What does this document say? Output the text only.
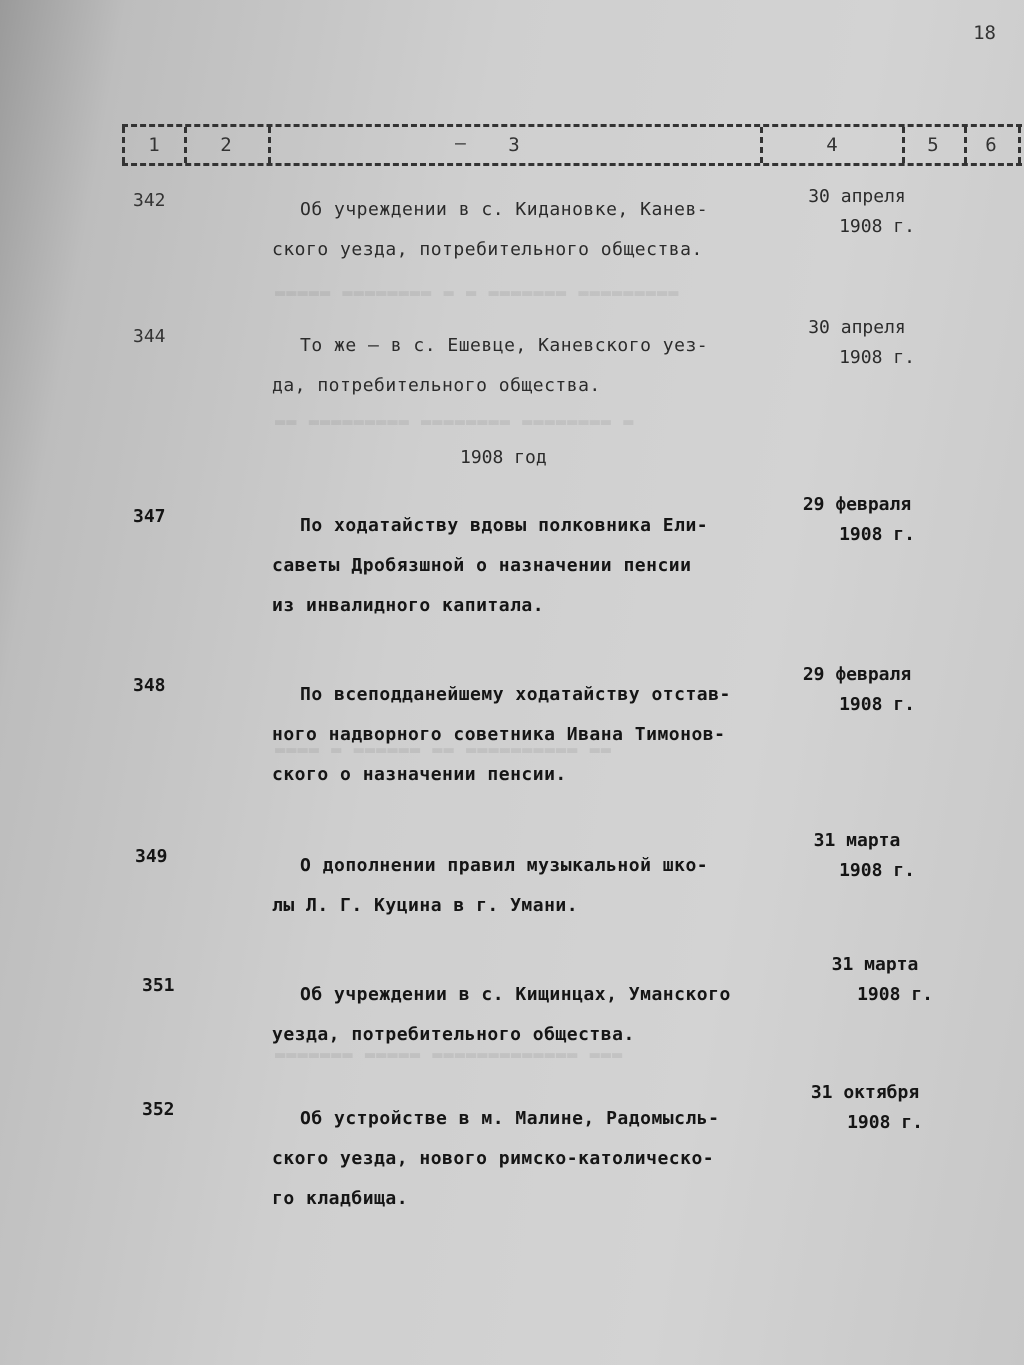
▬▬▬▬▬ ▬▬▬▬▬▬▬▬ ▬ ▬ ▬▬▬▬▬▬▬ ▬▬▬▬▬▬▬▬▬
▬▬ ▬▬▬▬▬▬▬▬▬ ▬▬▬▬▬▬▬▬ ▬▬▬▬▬▬▬▬ ▬
▬▬▬▬ ▬ ▬▬▬▬▬▬ ▬▬ ▬▬▬▬▬▬▬▬▬▬ ▬▬
▬▬▬▬▬▬▬ ▬▬▬▬▬ ▬▬▬▬▬▬▬▬▬▬▬▬▬ ▬▬▬
18
1	2	3	4	5	6
–
342	Об учреждении в с. Кидановке, Канев-
ского уезда, потребительного общества.
30 апреля
1908 г.
344	То же – в с. Ешевце, Каневского уез-
да, потребительного общества.
30 апреля
1908 г.
1908 год
347	По ходатайству вдовы полковника Ели-
саветы Дробязшной о назначении пенсии
из инвалидного капитала.
29 февраля
1908 г.
348	По всеподданейшему ходатайству отстав-
ного надворного советника Ивана Тимонов-
ского о назначении пенсии.
29 февраля
1908 г.
349	О дополнении правил музыкальной шко-
лы Л. Г. Куцина в г. Умани.
31 марта
1908 г.
351	Об учреждении в с. Кищинцах, Уманского
уезда, потребительного общества.
31 марта
1908 г.
352	Об устройстве в м. Малине, Радомысль-
ского уезда, нового римско-католическо-
го кладбища.
31 октября
1908 г.
